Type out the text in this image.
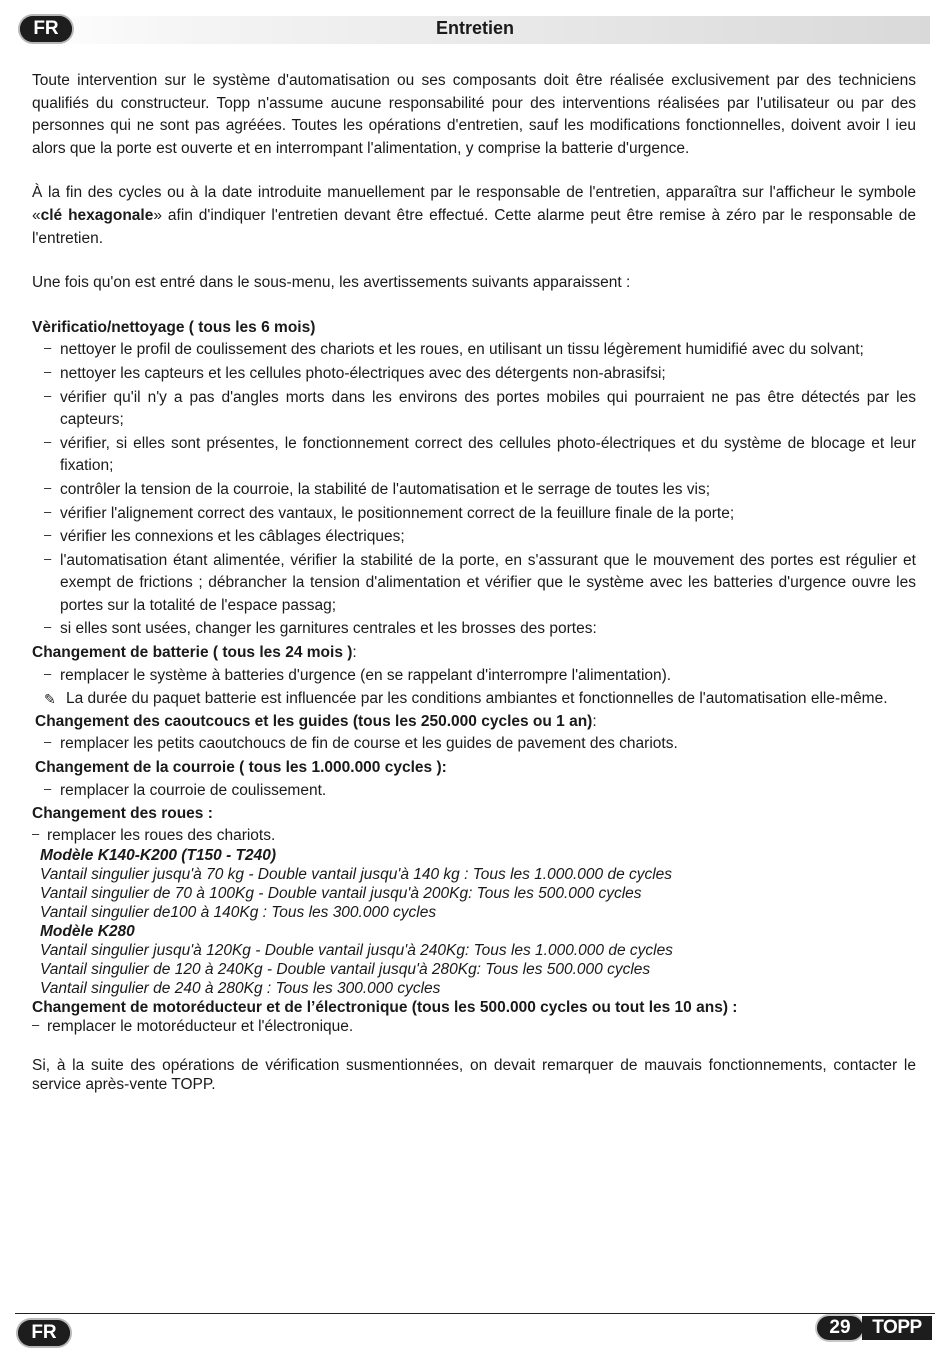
FR	Entretien

Toute intervention sur le système d'automatisation ou ses composants doit être réalisée exclusivement par des techniciens qualifiés du constructeur. Topp n'assume aucune responsabilité pour des interventions réalisées par l'utilisateur ou par des personnes qui ne sont pas agréées. Toutes les opérations d'entretien, sauf les modifications fonctionnelles, doivent avoir l ieu alors que la porte est ouverte et en interrompant l'alimentation, y comprise la batterie d'urgence.

À la fin des cycles ou à la date introduite manuellement par le responsable de l'entretien, apparaîtra sur l'afficheur le symbole «clé hexagonale» afin d'indiquer l'entretien devant être effectué. Cette alarme peut être remise à zéro par le responsable de l'entretien.

Une fois qu'on est entré dans le sous-menu, les avertissements suivants apparaissent :

Vèrificatio/nettoyage ( tous les 6 mois)
– nettoyer le profil de coulissement des chariots et les roues, en utilisant un tissu légèrement humidifié avec du solvant;
– nettoyer les capteurs et les cellules photo-électriques avec des détergents non-abrasifsi;
– vérifier qu'il n'y a pas d'angles morts dans les environs des portes mobiles qui pourraient ne pas être détectés par les capteurs;
– vérifier, si elles sont présentes, le fonctionnement correct des cellules photo-électriques et du système de blocage et leur fixation;
– contrôler la tension de la courroie, la stabilité de l'automatisation et le serrage de toutes les vis;
– vérifier l'alignement correct des vantaux, le positionnement correct de la feuillure finale de la porte;
– vérifier les connexions et les câblages électriques;
– l'automatisation étant alimentée, vérifier la stabilité de la porte, en s'assurant que le mouvement des portes est régulier et exempt de frictions ; débrancher la tension d'alimentation et vérifier que le système avec les batteries d'urgence ouvre les portes sur la totalité de l'espace passag;
– si elles sont usées, changer les garnitures centrales et les brosses des portes:
Changement de batterie ( tous les 24 mois ):
– remplacer le système à batteries d'urgence (en se rappelant d'interrompre l'alimentation).
✎ La durée du paquet batterie est influencée par les conditions ambiantes et fonctionnelles de l'automatisation elle-même.
Changement des caoutcoucs et les guides (tous les 250.000 cycles ou 1 an):
– remplacer les petits caoutchoucs de fin de course et les guides de pavement des chariots.
Changement de la courroie ( tous les 1.000.000 cycles ):
– remplacer la courroie de coulissement.
Changement des roues :
– remplacer les roues des chariots.
Modèle K140-K200 (T150 - T240)
Vantail singulier jusqu'à 70 kg - Double vantail jusqu'à 140 kg : Tous les 1.000.000 de cycles
Vantail singulier de 70 à 100Kg - Double vantail jusqu'à 200Kg: Tous les 500.000 cycles
Vantail singulier de100 à 140Kg : Tous les 300.000 cycles
Modèle K280
Vantail singulier jusqu'à 120Kg - Double vantail jusqu'à 240Kg: Tous les 1.000.000 de cycles
Vantail singulier de 120 à 240Kg - Double vantail jusqu'à 280Kg: Tous les 500.000 cycles
Vantail singulier de 240 à 280Kg : Tous les 300.000 cycles
Changement de motoréducteur et de l’électronique (tous les 500.000 cycles ou tout les 10 ans) :
– remplacer le motoréducteur et l'électronique.

Si, à la suite des opérations de vérification susmentionnées, on devait remarquer de mauvais fonctionnements, contacter le service après-vente TOPP.

FR	29	TOPP
